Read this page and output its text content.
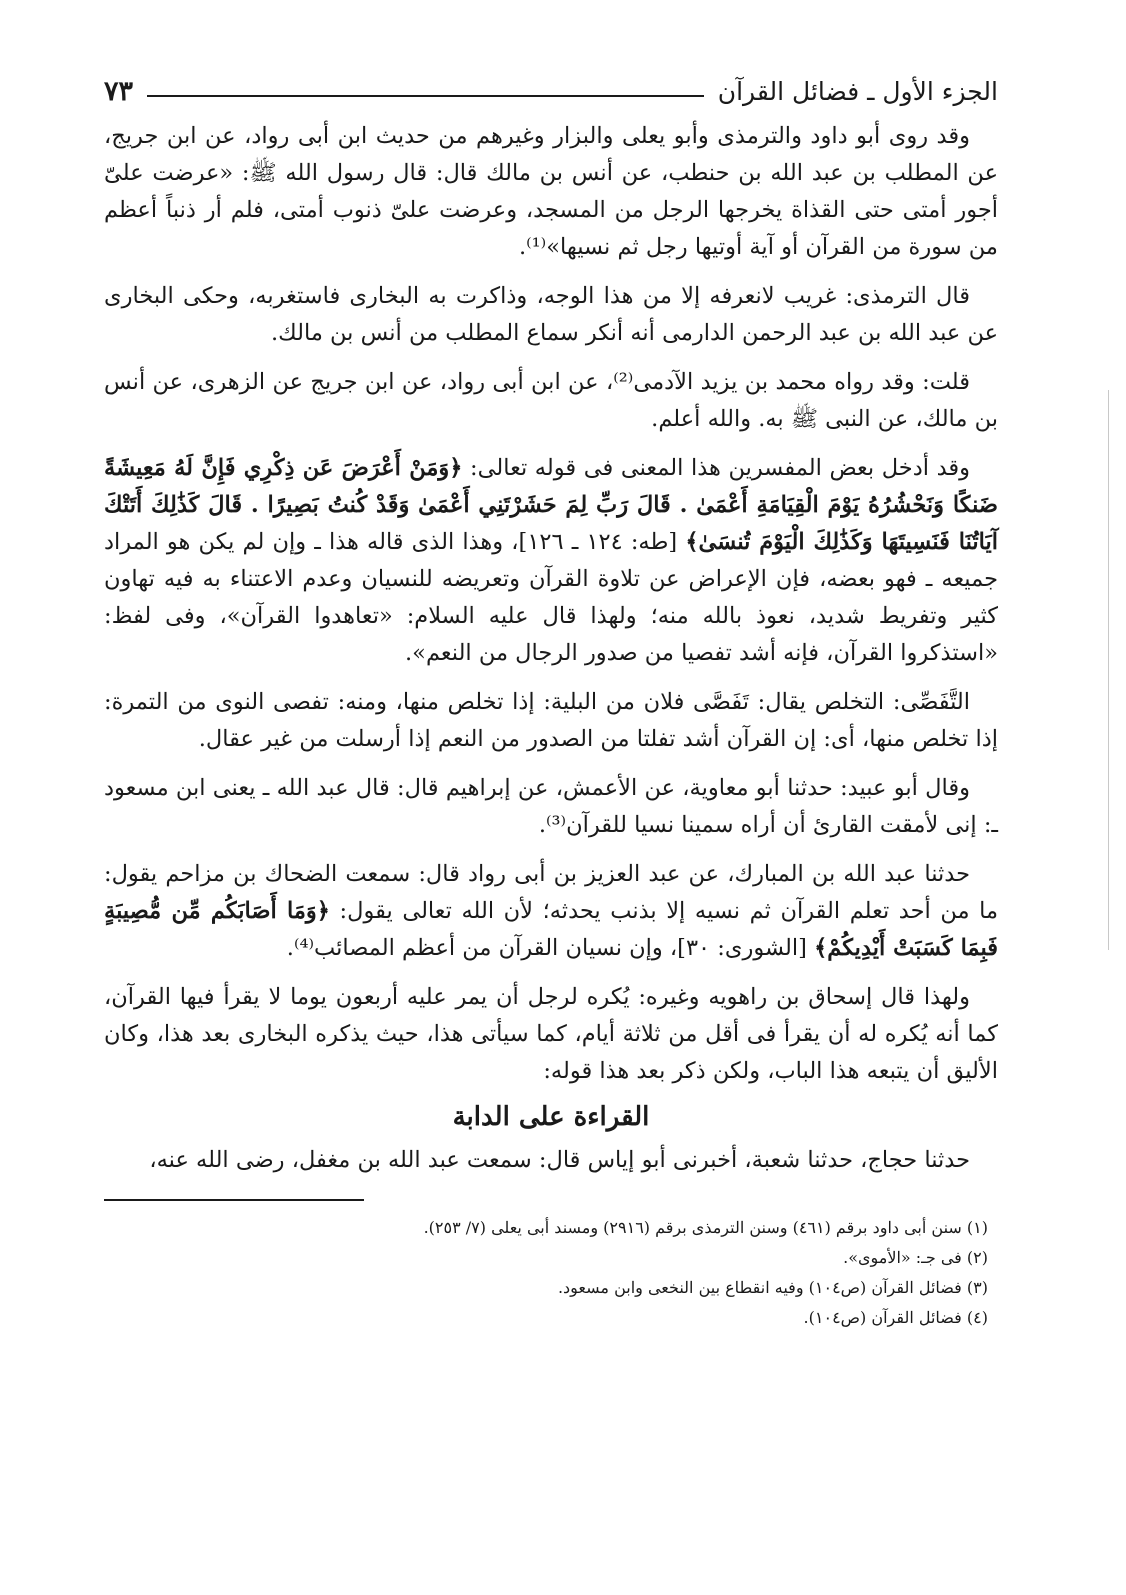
الجزء الأول ـ فضائل القرآن
٧٣

وقد روى أبو داود والترمذى وأبو يعلى والبزار وغيرهم من حديث ابن أبى رواد، عن ابن جريج، عن المطلب بن عبد الله بن حنطب، عن أنس بن مالك قال: قال رسول الله ﷺ: «عرضت علىّ أجور أمتى حتى القذاة يخرجها الرجل من المسجد، وعرضت علىّ ذنوب أمتى، فلم أر ذنباً أعظم من سورة من القرآن أو آية أوتيها رجل ثم نسيها»⁽¹⁾.

قال الترمذى: غريب لانعرفه إلا من هذا الوجه، وذاكرت به البخارى فاستغربه، وحكى البخارى عن عبد الله بن عبد الرحمن الدارمى أنه أنكر سماع المطلب من أنس بن مالك.

قلت: وقد رواه محمد بن يزيد الآدمى⁽²⁾، عن ابن أبى رواد، عن ابن جريج عن الزهرى، عن أنس بن مالك، عن النبى ﷺ به. والله أعلم.

وقد أدخل بعض المفسرين هذا المعنى فى قوله تعالى: ﴿وَمَنْ أَعْرَضَ عَن ذِكْرِي فَإِنَّ لَهُ مَعِيشَةً ضَنكًا وَنَحْشُرُهُ يَوْمَ الْقِيَامَةِ أَعْمَىٰ . قَالَ رَبِّ لِمَ حَشَرْتَنِي أَعْمَىٰ وَقَدْ كُنتُ بَصِيرًا . قَالَ كَذَٰلِكَ أَتَتْكَ آيَاتُنَا فَنَسِيتَهَا وَكَذَٰلِكَ الْيَوْمَ تُنسَىٰ﴾ [طه: ١٢٤ ـ ١٢٦]، وهذا الذى قاله هذا ـ وإن لم يكن هو المراد جميعه ـ فهو بعضه، فإن الإعراض عن تلاوة القرآن وتعريضه للنسيان وعدم الاعتناء به فيه تهاون كثير وتفريط شديد، نعوذ بالله منه؛ ولهذا قال عليه السلام: «تعاهدوا القرآن»، وفى لفظ: «استذكروا القرآن، فإنه أشد تفصيا من صدور الرجال من النعم».

التَّفَصِّى: التخلص يقال: تَفَصَّى فلان من البلية: إذا تخلص منها، ومنه: تفصى النوى من التمرة: إذا تخلص منها، أى: إن القرآن أشد تفلتا من الصدور من النعم إذا أرسلت من غير عقال.

وقال أبو عبيد: حدثنا أبو معاوية، عن الأعمش، عن إبراهيم قال: قال عبد الله ـ يعنى ابن مسعود ـ: إنى لأمقت القارئ أن أراه سمينا نسيا للقرآن⁽³⁾.

حدثنا عبد الله بن المبارك، عن عبد العزيز بن أبى رواد قال: سمعت الضحاك بن مزاحم يقول: ما من أحد تعلم القرآن ثم نسيه إلا بذنب يحدثه؛ لأن الله تعالى يقول: ﴿وَمَا أَصَابَكُم مِّن مُّصِيبَةٍ فَبِمَا كَسَبَتْ أَيْدِيكُمْ﴾ [الشورى: ٣٠]، وإن نسيان القرآن من أعظم المصائب⁽⁴⁾.

ولهذا قال إسحاق بن راهويه وغيره: يُكره لرجل أن يمر عليه أربعون يوما لا يقرأ فيها القرآن، كما أنه يُكره له أن يقرأ فى أقل من ثلاثة أيام، كما سيأتى هذا، حيث يذكره البخارى بعد هذا، وكان الأليق أن يتبعه هذا الباب، ولكن ذكر بعد هذا قوله:

القراءة على الدابة

حدثنا حجاج، حدثنا شعبة، أخبرنى أبو إياس قال: سمعت عبد الله بن مغفل، رضى الله عنه،

(١) سنن أبى داود برقم (٤٦١) وسنن الترمذى برقم (٢٩١٦) ومسند أبى يعلى (٧/ ٢٥٣).

(٢) فى جـ: «الأموى».

(٣) فضائل القرآن (ص١٠٤) وفيه انقطاع بين النخعى وابن مسعود.

(٤) فضائل القرآن (ص١٠٤).
